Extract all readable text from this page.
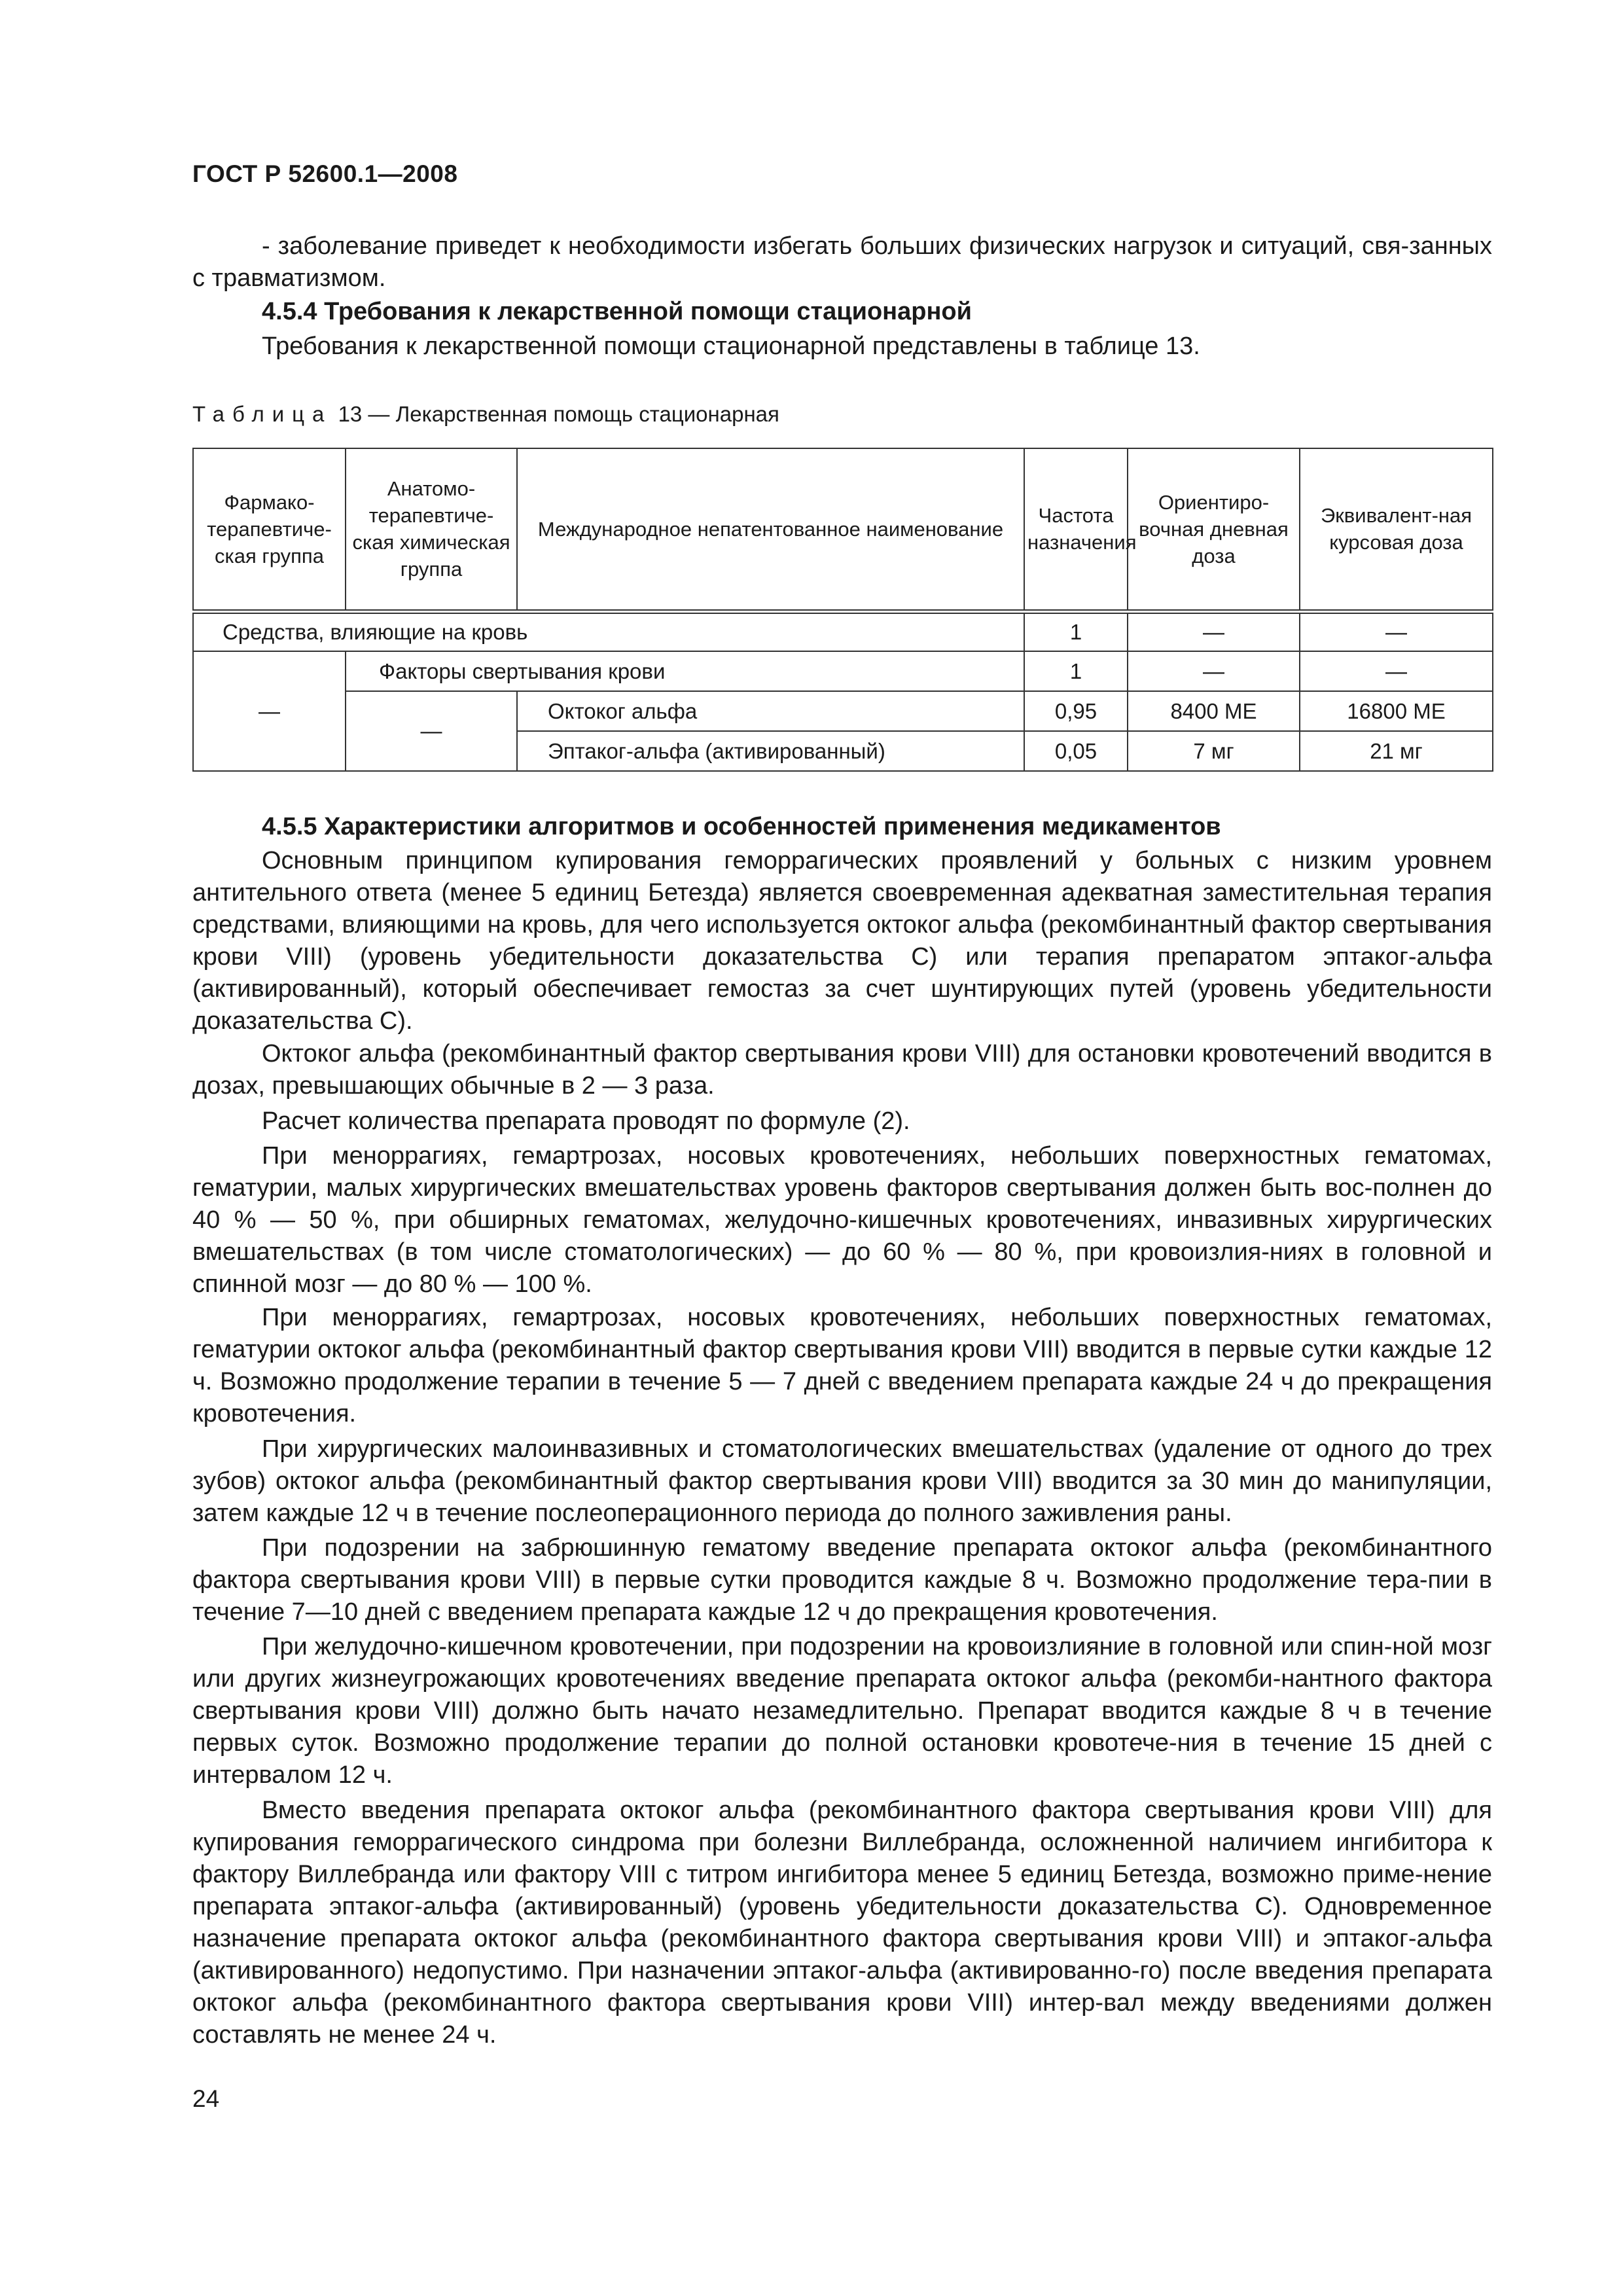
ГОСТ Р 52600.1—2008

- заболевание приведет к необходимости избегать больших физических нагрузок и ситуаций, свя-занных с травматизмом.

4.5.4 Требования к лекарственной помощи стационарной

Требования к лекарственной помощи стационарной представлены в таблице 13.

Таблица 13 — Лекарственная помощь стационарная
Фармако-терапевтиче-ская группа	Анатомо-терапевтиче-ская химическая группа	Международное непатентованное наименование	Частота назначения	Ориентиро-вочная дневная доза	Эквивалент-ная курсовая доза
Средства, влияющие на кровь			1	—	—
—	Факторы свертывания крови		1	—	—
	—	Октоког альфа	0,95	8400 МЕ	16800 МЕ
		Эптаког-альфа (активированный)	0,05	7 мг	21 мг

4.5.5 Характеристики алгоритмов и особенностей применения медикаментов

Основным принципом купирования геморрагических проявлений у больных с низким уровнем антительного ответа (менее 5 единиц Бетезда) является своевременная адекватная заместительная терапия средствами, влияющими на кровь, для чего используется октоког альфа (рекомбинантный фактор свертывания крови VIII) (уровень убедительности доказательства С) или терапия препаратом эптаког-альфа (активированный), который обеспечивает гемостаз за счет шунтирующих путей (уровень убедительности доказательства С).

Октоког альфа (рекомбинантный фактор свертывания крови VIII) для остановки кровотечений вводится в дозах, превышающих обычные в 2 — 3 раза.

Расчет количества препарата проводят по формуле (2).

При меноррагиях, гемартрозах, носовых кровотечениях, небольших поверхностных гематомах, гематурии, малых хирургических вмешательствах уровень факторов свертывания должен быть вос-полнен до 40 % — 50 %, при обширных гематомах, желудочно-кишечных кровотечениях, инвазивных хирургических вмешательствах (в том числе стоматологических) — до 60 % — 80 %, при кровоизлия-ниях в головной и спинной мозг — до 80 % — 100 %.

При меноррагиях, гемартрозах, носовых кровотечениях, небольших поверхностных гематомах, гематурии октоког альфа (рекомбинантный фактор свертывания крови VIII) вводится в первые сутки каждые 12 ч. Возможно продолжение терапии в течение 5 — 7 дней с введением препарата каждые 24 ч до прекращения кровотечения.

При хирургических малоинвазивных и стоматологических вмешательствах (удаление от одного до трех зубов) октоког альфа (рекомбинантный фактор свертывания крови VIII) вводится за 30 мин до манипуляции, затем каждые 12 ч в течение послеоперационного периода до полного заживления раны.

При подозрении на забрюшинную гематому введение препарата октоког альфа (рекомбинантного фактора свертывания крови VIII) в первые сутки проводится каждые 8 ч. Возможно продолжение тера-пии в течение 7—10 дней с введением препарата каждые 12 ч до прекращения кровотечения.

При желудочно-кишечном кровотечении, при подозрении на кровоизлияние в головной или спин-ной мозг или других жизнеугрожающих кровотечениях введение препарата октоког альфа (рекомби-нантного фактора свертывания крови VIII) должно быть начато незамедлительно. Препарат вводится каждые 8 ч в течение первых суток. Возможно продолжение терапии до полной остановки кровотече-ния в течение 15 дней с интервалом 12 ч.

Вместо введения препарата октоког альфа (рекомбинантного фактора свертывания крови VIII) для купирования геморрагического синдрома при болезни Виллебранда, осложненной наличием ингибитора к фактору Виллебранда или фактору VIII с титром ингибитора менее 5 единиц Бетезда, возможно приме-нение препарата эптаког-альфа (активированный) (уровень убедительности доказательства С). Одновременное назначение препарата октоког альфа (рекомбинантного фактора свертывания крови VIII) и эптаког-альфа (активированного) недопустимо. При назначении эптаког-альфа (активированно-го) после введения препарата октоког альфа (рекомбинантного фактора свертывания крови VIII) интер-вал между введениями должен составлять не менее 24 ч.

24
